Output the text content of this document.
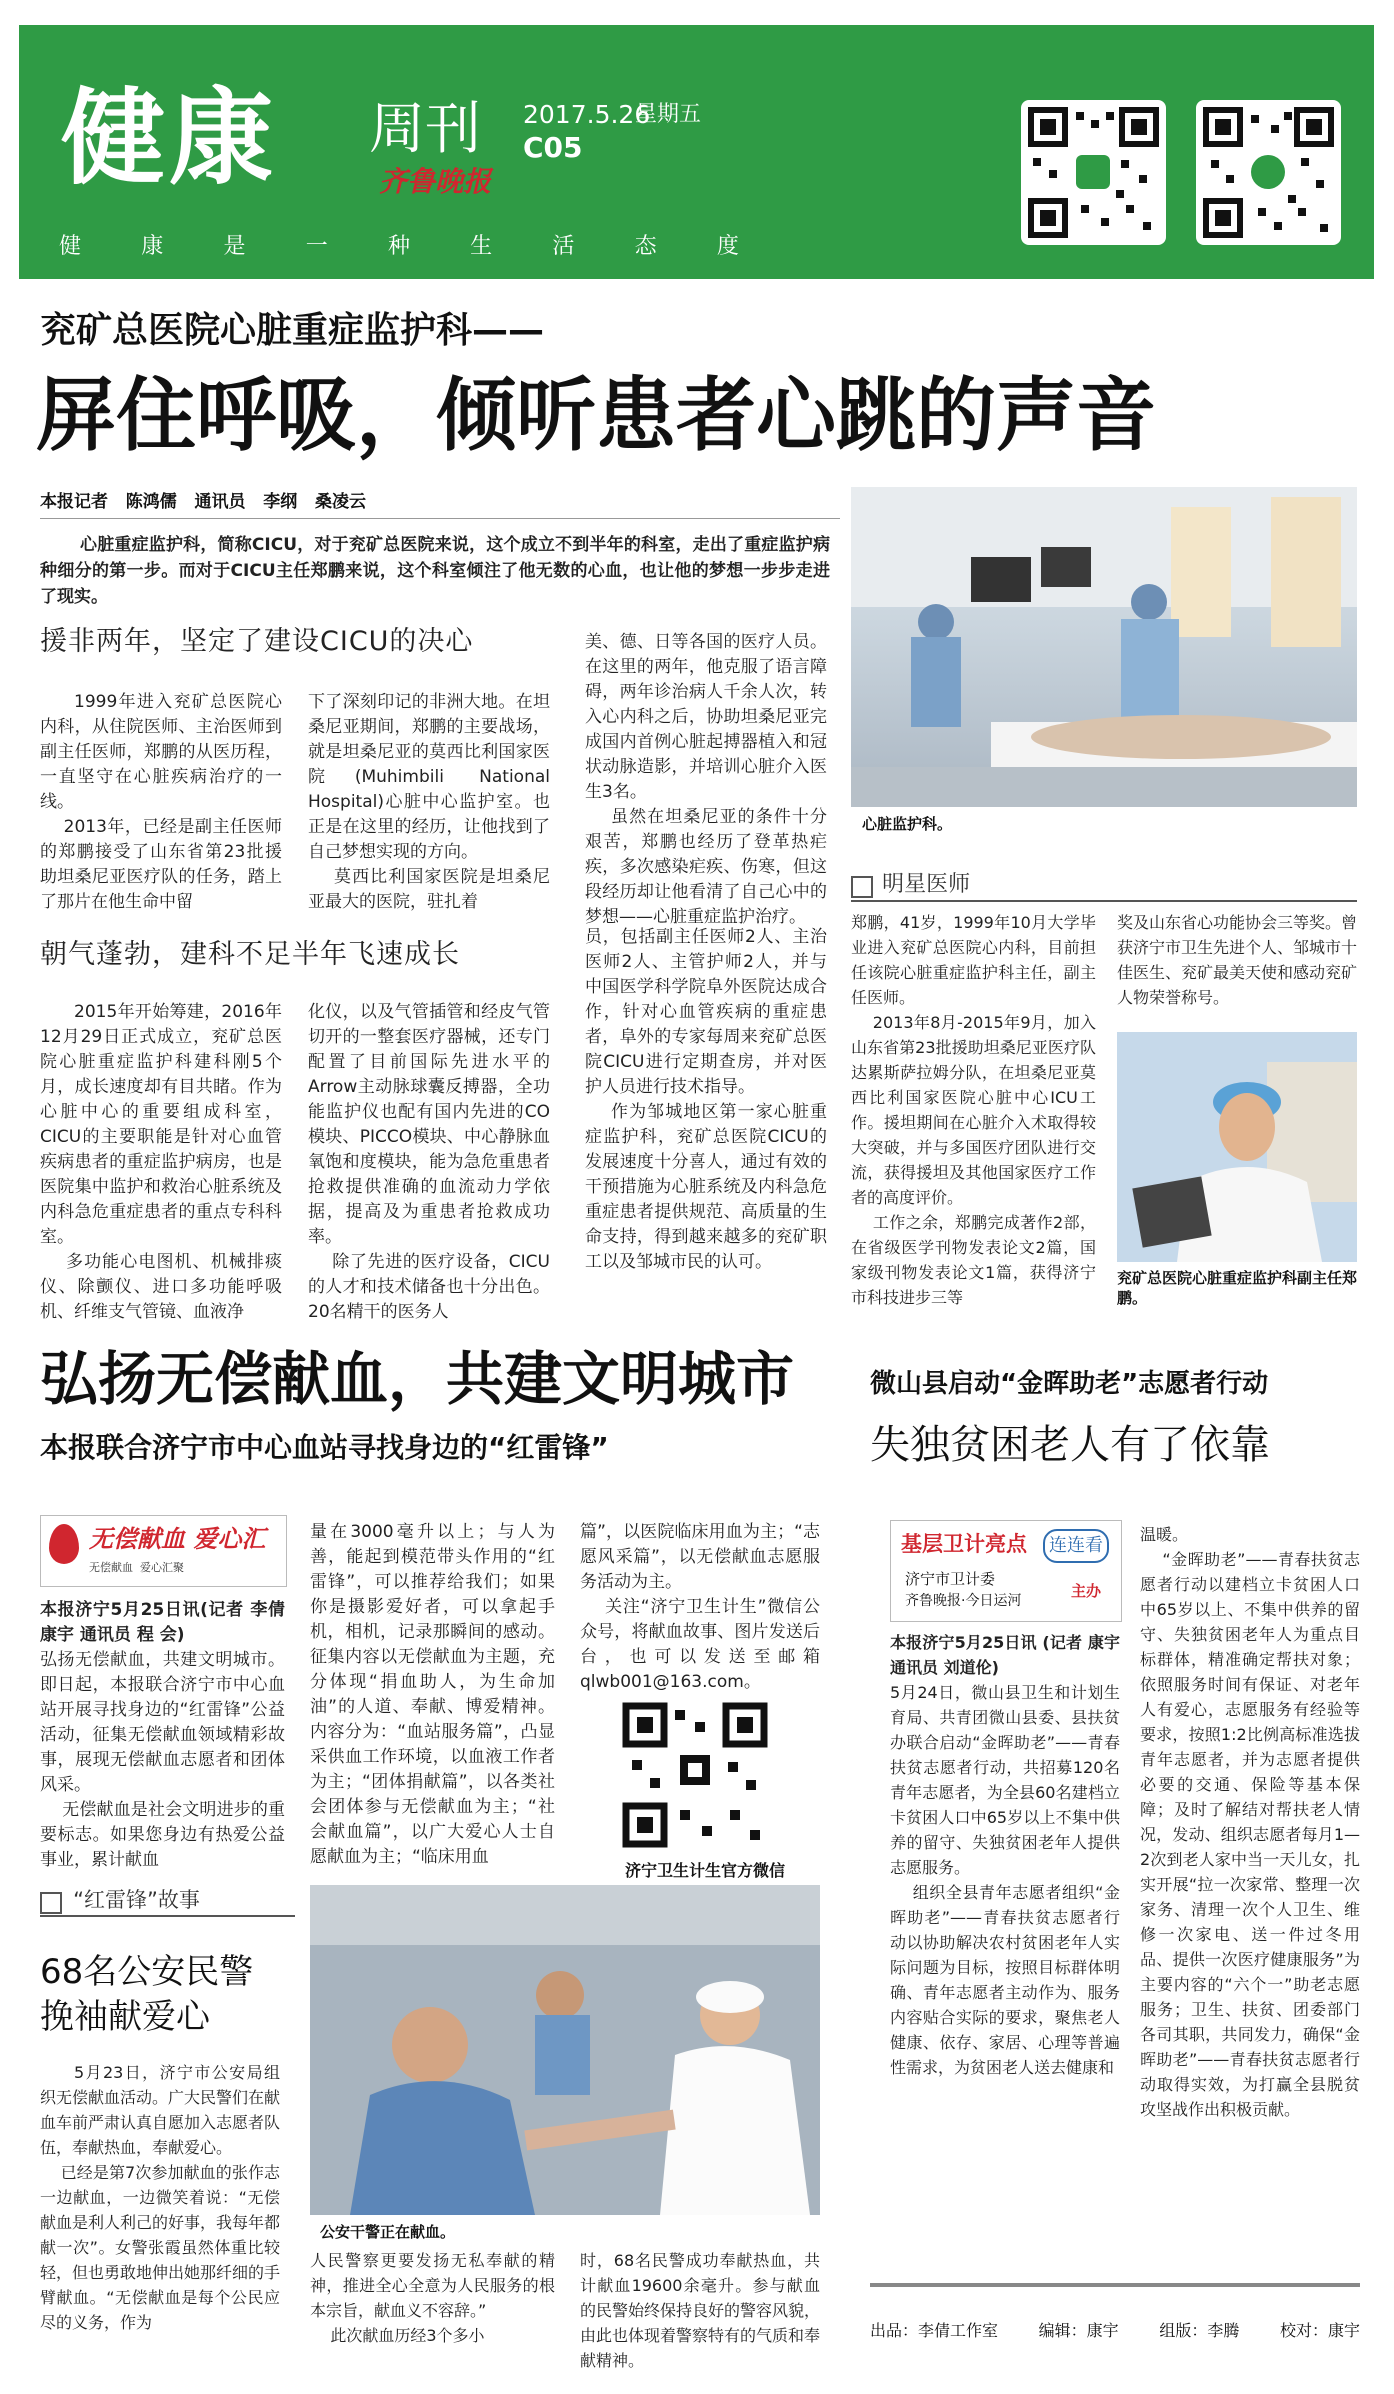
健康 周刊 2017.5.26
星期五
C05
齐鲁晚报
健	康	是	一	种	生	活	态	度
兖矿总医院心脏重症监护科——
屏住呼吸，倾听患者心跳的声音
本报记者   陈鸿儒   通讯员   李纲   桑凌云
心脏重症监护科，简称CICU，对于兖矿总医院来说，这个成立不到半年的科室，走出了重症监护病种细分的第一步。而对于CICU主任郑鹏来说，这个科室倾注了他无数的心血，也让他的梦想一步步走进了现实。
援非两年，坚定了建设CICU的决心
1999年进入兖矿总医院心内科，从住院医师、主治医师到副主任医师，郑鹏的从医历程，一直坚守在心脏疾病治疗的一线。
2013年，已经是副主任医师的郑鹏接受了山东省第23批援助坦桑尼亚医疗队的任务，踏上了那片在他生命中留
下了深刻印记的非洲大地。在坦桑尼亚期间，郑鹏的主要战场，就是坦桑尼亚的莫西比利国家医院(Muhimbili National Hospital)心脏中心监护室。也正是在这里的经历，让他找到了自己梦想实现的方向。
莫西比利国家医院是坦桑尼亚最大的医院，驻扎着
美、德、日等各国的医疗人员。在这里的两年，他克服了语言障碍，两年诊治病人千余人次，转入心内科之后，协助坦桑尼亚完成国内首例心脏起搏器植入和冠状动脉造影，并培训心脏介入医生3名。
虽然在坦桑尼亚的条件十分艰苦，郑鹏也经历了登革热疟疾，多次感染疟疾、伤寒，但这段经历却让他看清了自己心中的梦想——心脏重症监护治疗。
心脏监护科。
朝气蓬勃，建科不足半年飞速成长
2015年开始筹建，2016年12月29日正式成立，兖矿总医院心脏重症监护科建科刚5个月，成长速度却有目共睹。作为心脏中心的重要组成科室，CICU的主要职能是针对心血管疾病患者的重症监护病房，也是医院集中监护和救治心脏系统及内科急危重症患者的重点专科科室。
多功能心电图机、机械排痰仪、除颤仪、进口多功能呼吸机、纤维支气管镜、血液净
化仪，以及气管插管和经皮气管切开的一整套医疗器械，还专门配置了目前国际先进水平的Arrow主动脉球囊反搏器，全功能监护仪也配有国内先进的CO模块、PICCO模块、中心静脉血氧饱和度模块，能为急危重患者抢救提供准确的血流动力学依据，提高及为重患者抢救成功率。
除了先进的医疗设备，CICU的人才和技术储备也十分出色。20名精干的医务人
员，包括副主任医师2人、主治医师2人、主管护师2人，并与中国医学科学院阜外医院达成合作，针对心血管疾病的重症患者，阜外的专家每周来兖矿总医院CICU进行定期查房，并对医护人员进行技术指导。
作为邹城地区第一家心脏重症监护科，兖矿总医院CICU的发展速度十分喜人，通过有效的干预措施为心脏系统及内科急危重症患者提供规范、高质量的生命支持，得到越来越多的兖矿职工以及邹城市民的认可。
明星医师
郑鹏，41岁，1999年10月大学毕业进入兖矿总医院心内科，目前担任该院心脏重症监护科主任，副主任医师。
2013年8月-2015年9月，加入山东省第23批援助坦桑尼亚医疗队达累斯萨拉姆分队，在坦桑尼亚莫西比利国家医院心脏中心ICU工作。援坦期间在心脏介入术取得较大突破，并与多国医疗团队进行交流，获得援坦及其他国家医疗工作者的高度评价。
工作之余，郑鹏完成著作2部，在省级医学刊物发表论文2篇，国家级刊物发表论文1篇，获得济宁市科技进步三等
奖及山东省心功能协会三等奖。曾获济宁市卫生先进个人、邹城市十佳医生、兖矿最美天使和感动兖矿人物荣誉称号。
兖矿总医院心脏重症监护科副主任郑鹏。
弘扬无偿献血，共建文明城市
本报联合济宁市中心血站寻找身边的“红雷锋”
无偿献血 爱心汇
无偿献血  爱心汇聚
本报济宁5月25日讯(记者 李倩 康宇 通讯员 程 会)
弘扬无偿献血，共建文明城市。即日起，本报联合济宁市中心血站开展寻找身边的“红雷锋”公益活动，征集无偿献血领域精彩故事，展现无偿献血志愿者和团体风采。
无偿献血是社会文明进步的重要标志。如果您身边有热爱公益事业，累计献血
量在3000毫升以上；与人为善，能起到模范带头作用的“红雷锋”，可以推荐给我们；如果你是摄影爱好者，可以拿起手机，相机，记录那瞬间的感动。征集内容以无偿献血为主题，充分体现“捐血助人，为生命加油”的人道、奉献、博爱精神。内容分为：“血站服务篇”，凸显采供血工作环境，以血液工作者为主；“团体捐献篇”，以各类社会团体参与无偿献血为主；“社会献血篇”，以广大爱心人士自愿献血为主；“临床用血
篇”，以医院临床用血为主；“志愿风采篇”，以无偿献血志愿服务活动为主。
关注“济宁卫生计生”微信公众号，将献血故事、图片发送后台，也可以发送至邮箱qlwb001@163.com。
济宁卫生计生官方微信
“红雷锋”故事
68名公安民警
挽袖献爱心
5月23日，济宁市公安局组织无偿献血活动。广大民警们在献血车前严肃认真自愿加入志愿者队伍，奉献热血，奉献爱心。
已经是第7次参加献血的张作志一边献血，一边微笑着说：“无偿献血是利人利己的好事，我每年都献一次”。女警张霞虽然体重比较轻，但也勇敢地伸出她那纤细的手臂献血。“无偿献血是每个公民应尽的义务，作为
公安干警正在献血。
人民警察更要发扬无私奉献的精神，推进全心全意为人民服务的根本宗旨，献血义不容辞。”
此次献血历经3个多小
时，68名民警成功奉献热血，共计献血19600余毫升。参与献血的民警始终保持良好的警容风貌，由此也体现着警察特有的气质和奉献精神。
微山县启动“金晖助老”志愿者行动
失独贫困老人有了依靠
基层卫计亮点	连连看
济宁市卫计委
齐鲁晚报·今日运河
主办
本报济宁5月25日讯 (记者 康宇 通讯员 刘道伦)
5月24日，微山县卫生和计划生育局、共青团微山县委、县扶贫办联合启动“金晖助老”——青春扶贫志愿者行动，共招募120名青年志愿者，为全县60名建档立卡贫困人口中65岁以上不集中供养的留守、失独贫困老年人提供志愿服务。
组织全县青年志愿者组织“金晖助老”——青春扶贫志愿者行动以协助解决农村贫困老年人实际问题为目标，按照目标群体明确、青年志愿者主动作为、服务内容贴合实际的要求，聚焦老人健康、依存、家居、心理等普遍性需求，为贫困老人送去健康和
温暖。
“金晖助老”——青春扶贫志愿者行动以建档立卡贫困人口中65岁以上、不集中供养的留守、失独贫困老年人为重点目标群体，精准确定帮扶对象；依照服务时间有保证、对老年人有爱心，志愿服务有经验等要求，按照1:2比例高标准选拔青年志愿者，并为志愿者提供必要的交通、保险等基本保障；及时了解结对帮扶老人情况，发动、组织志愿者每月1—2次到老人家中当一天儿女，扎实开展“拉一次家常、整理一次家务、清理一次个人卫生、维修一次家电、送一件过冬用品、提供一次医疗健康服务”为主要内容的“六个一”助老志愿服务；卫生、扶贫、团委部门各司其职，共同发力，确保“金晖助老”——青春扶贫志愿者行动取得实效，为打赢全县脱贫攻坚战作出积极贡献。
出品：李倩工作室	编辑：康宇	组版：李腾	校对：康宇
